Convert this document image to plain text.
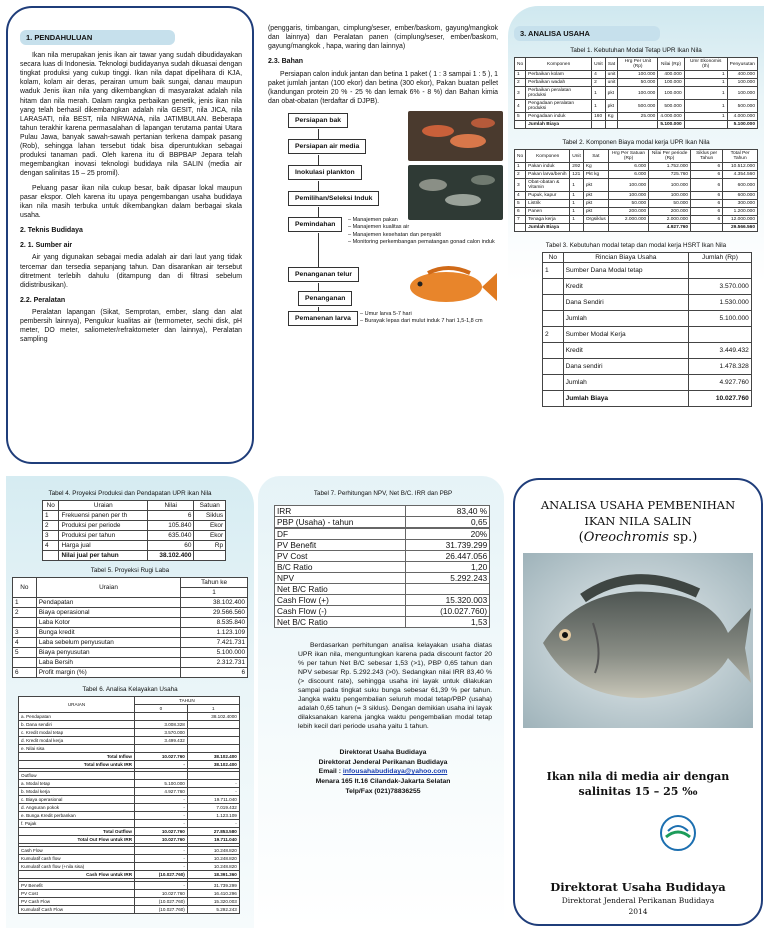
1. PENDAHULUAN

Ikan nila merupakan jenis ikan air tawar yang sudah dibudidayakan secara luas di Indonesia. Teknologi budidayanya sudah dikuasai dengan tingkat produksi yang cukup tinggi. Ikan nila dapat dipelihara di KJA, kolam, kolam air deras, perairan umum baik sungai, danau maupun waduk Jenis ikan nila yang dikembangkan di masyarakat adalah nila hitam dan nila merah. Dalam rangka perbaikan genetik, jenis ikan nila yang telah berhasil dikembangkan adalah nila GESIT, nila JICA, nila LARASATI, nila BEST, nila NIRWANA, nila JATIMBULAN. Beberapa tahun terakhir karena permasalahan di lapangan terutama pantai Utara Pulau Jawa, banyak sawah-sawah pertanian terkena dampak pasang (Rob), sehingga lahan tersebut tidak bisa diperuntukkan sebagai produksi tanaman padi. Oleh karena itu di BBPBAP Jepara telah megembangkan inovasi teknologi budidaya nila SALIN (media air dengan salinitas 15 – 25 promil).

Peluang pasar ikan nila cukup besar, baik dipasar lokal maupun pasar ekspor. Oleh karena itu upaya pengembangan usaha budidaya ikan nila masih terbuka untuk dikembangkan dalam berbagai skala usaha.

2. Teknis Budidaya
2. 1. Sumber air

Air yang digunakan sebagai media adalah air dari laut yang tidak tercemar dan tersedia sepanjang tahun. Dan disarankan air tersebut ditretment terlebih dahulu (ditampung dan di filtrasi sebelum didistribusikan).

2.2. Peralatan

Peralatan lapangan (Sikat, Semprotan, ember, slang dan alat pembersih lainnya), Pengukur kualitas air (termometer, sechi disk, pH meter, DO meter, saliometer/refraktometer dan lainnya), Peralatan sampling

(penggaris, timbangan, cimplung/seser, ember/baskom, gayung/mangkok dan lainnya) dan Peralatan panen (cimplung/seser, ember/baskom, gayung/mangkok , hapa, waring dan lainnya)

2.3. Bahan

Persiapan calon induk jantan dan betina 1 paket ( 1 : 3 sampai 1 : 5 ), 1 paket jumlah jantan (100 ekor) dan betina (300 ekor), Pakan buatan pellet (kandungan protein 20 % - 25 % dan lemak 6% - 8 %) dan Bahan kimia dan obat-obatan (terdaftar di DJPB).

Persiapan bak
Persiapan air media
Inokulasi plankton
Pemilihan/Seleksi Induk
Pemindahan
Penanganan telur
Penanganan
Pemanenan larva
– Manajemen pakan
– Manajemen kualitas air
– Manajemen kesehatan dan penyakit
– Monitoring perkembangan pematangan gonad calon induk
– Umur larva 5-7 hari
– Burayak lepas dari mulut induk 7 hari 1,5-1,8 cm
3. ANALISA USAHA
Tabel 1. Kebutuhan Modal Tetap UPR Ikan Nila
No	Komponen	Unit	Sat	Hrg Per Unit (Rp)	Nilai (Rp)	Umr Ekonomis (th)	Penyusutan
1	Perbaikan kolam	4	unit	100.000	400.000	1	400.000
2	Perbaikan wadah	2	unit	50.000	100.000	1	100.000
3	Perbaikan peralatan produksi	1	pkt	100.000	100.000	1	100.000
4	Pengadaan peralatan produksi	1	pkt	500.000	500.000	1	500.000
5	Pengadaan induk	160	Kg	25.000	4.000.000	1	4.000.000
	Jumlah Biaya				5.100.000		5.100.000
Tabel 2. Komponen Biaya modal kerja UPR Ikan Nila
No	Komponen	Unit	Sat	Hrg Per Satuan (Rp)	Nilai Per periode (Rp)	Siklus per Tahun	Total Per Tahun
1	Pakan induk	292	Kg	6.000	1.752.000	6	10.512.000
2	Pakan larva/benih	121	Pkt kg	6.000	725.760	6	4.354.560
3	Obat-obatan & Vitamin	1	pkt	100.000	100.000	6	600.000
4	Pupuk, kapur	1	pkt	100.000	100.000	6	600.000
5	Listrik	1	pkt	50.000	50.000	6	300.000
6	Panen	1	pkt	200.000	200.000	6	1.200.000
7	Tenaga kerja	1	Orgsiklus	2.000.000	2.000.000	6	12.000.000
	Jumlah Biaya				4.927.760		29.566.560
Tabel 3. Kebutuhan modal tetap dan modal kerja HSRT Ikan Nila
No	Rincian Biaya Usaha	Jumlah (Rp)
1	Sumber Dana Modal tetap	
	Kredit	3.570.000
	Dana Sendiri	1.530.000
	Jumlah	5.100.000
2	Sumber Modal Kerja	
	Kredit	3.449.432
	Dana sendiri	1.478.328
	Jumlah	4.927.760
	Jumlah Biaya	10.027.760
Tabel 4. Proyeksi Produksi dan Pendapatan UPR ikan Nila
No	Uraian	Nilai	Satuan
1	Frekuensi panen per th	6	Siklus
2	Produksi per periode	105.840	Ekor
3	Produksi per tahun	635.040	Ekor
4	Harga jual	60	Rp
	Nilai jual per tahun	38.102.400	
Tabel 5. Proyeksi Rugi Laba
No	Uraian	Tahun ke
		1
1	Pendapatan	38.102.400
2	Biaya operasional	29.566.560
	Laba Kotor	8.535.840
3	Bunga kredit	1.123.109
4	Laba sebelum penyusutan	7.421.731
5	Biaya penyusutan	5.100.000
	Laba Bersih	2.312.731
6	Profit margin (%)	6
Tabel 6. Analisa Kelayakan Usaha
URAIAN	TAHUN	
	0	1
a. Pendapatan		38.102.4000
b. Dana sendiri	3.008.328	
c. Kredit modal tetap	3.570.000	
d. Kredit modal kerja	3.499.432	
e. Nilai sisa		
Total Inflow	10.027.760	38.102.400
Total Inflow untuk IRR	-	38.102.400

Outflow		
a. Modal tetap	5.100.000	-
b. Modal kerja	4.927.760	-
c. Biaya operasional	-	19.711.040
d. Angsuran pokok	-	7.019.432
e. Bunga Kredit perbankan	-	1.123.109
f. Pajak	-	-
Total Outflow	10.027.760	27.853.580
Total Out Flow untuk IRR	10.027.760	19.711.040

Cash Flow	-	10.248.820
Kumulatif cash flow	-	10.248.820
Kumulatif cash flow (+nila sisa)	-	10.248.820
Cash Flow untuk IRR	(10.027.760)	18.391.360

PV Benefit	-	31.739.299
PV Cost	10.027.760	16.410.296
PV Cash Flow	(10.027.760)	15.320.003
Kumulatif Cash Flow	(10.027.760)	5.292.243
Tabel 7. Perhitungan NPV, Net B/C. IRR dan PBP
IRR	83,40 %
PBP (Usaha) - tahun	0,65

DF	20%
PV Benefit	31.739.299
PV Cost	26.447.056
B/C Ratio	1,20
NPV	5.292.243
Net B/C Ratio	
Cash Flow (+)	15.320.003
Cash Flow (-)	(10.027.760)
Net B/C Ratio	1,53

Berdasarkan perhitungan analisa kelayakan usaha diatas UPR ikan nila, menguntungkan karena pada discount factor 20 % per tahun Net B/C sebesar 1,53 (>1), PBP 0,65 tahun dan NPV sebesar Rp. 5.292.243 (>0). Sedangkan nilai IRR 83,40 % (> discount rate), sehingga usaha ini layak untuk dilakukan sampai pada tingkat suku bunga sebesar 61,39 % per tahun. Jangka waktu pengembalian seluruh modal tetap/PBP (usaha) adalah 0,65 tahun (= 3 siklus). Dengan demikian usaha ini layak dilaksanakan karena jangka waktu pengembalian modal tetap lebih kecil dari periode usaha yaitu 1 tahun.

Direktorat Usaha Budidaya
Direktorat Jenderal Perikanan Budidaya
Email : infousahabudidaya@yahoo.com
Menara 165 lt.16 Cilandak-Jakarta Selatan
Telp/Fax (021)78836255
ANALISA USAHA PEMBENIHAN
IKAN NILA SALIN
(Oreochromis sp.)
Ikan nila di media air dengan
salinitas 15 – 25 ‰
Direktorat Usaha Budidaya
Direktorat Jenderal Perikanan Budidaya
2014
